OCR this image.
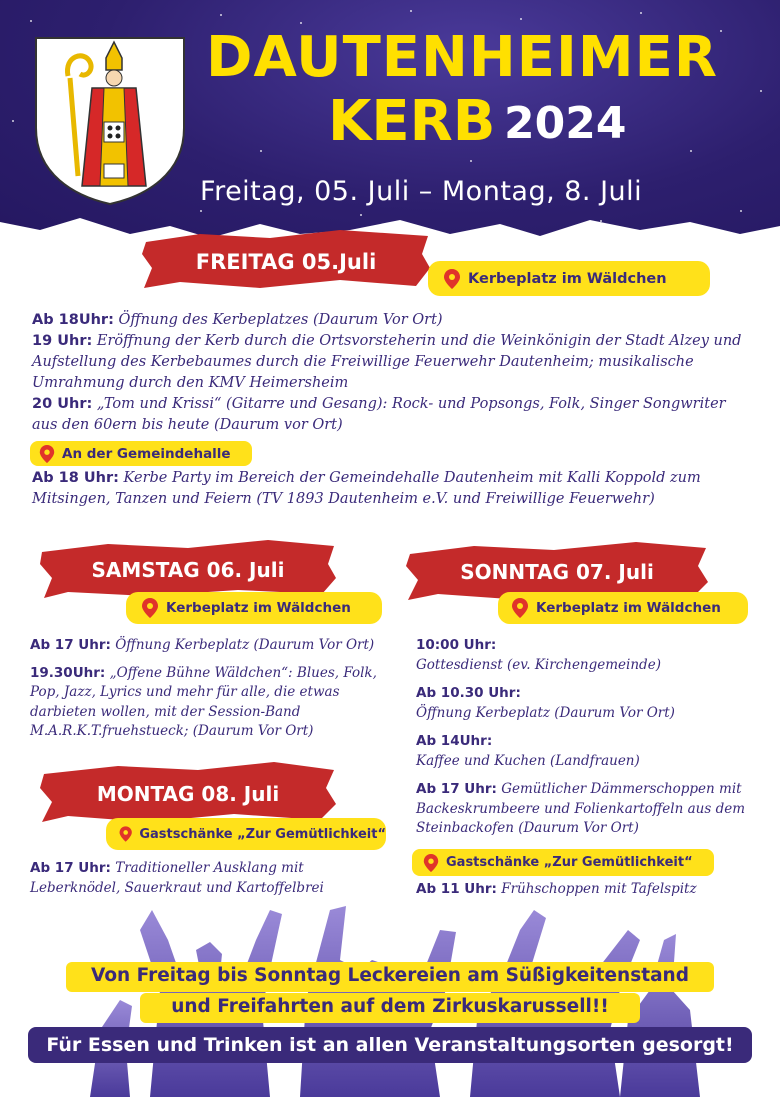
DAUTENHEIMER
KERB 2024
Freitag, 05. Juli – Montag, 8. Juli
FREITAG 05.Juli
Kerbeplatz im Wäldchen
Ab 18Uhr: Öffnung des Kerbeplatzes (Daurum Vor Ort)
19 Uhr: Eröffnung der Kerb durch die Ortsvorsteherin und die Weinkönigin der Stadt Alzey und Aufstellung des Kerbebaumes durch die Freiwillige Feuerwehr Dautenheim; musikalische Umrahmung durch den KMV Heimersheim
20 Uhr: „Tom und Krissi“ (Gitarre und Gesang): Rock- und Popsongs, Folk, Singer Songwriter aus den 60ern bis heute (Daurum vor Ort)
An der Gemeindehalle
Ab 18 Uhr: Kerbe Party im Bereich der Gemeindehalle Dautenheim mit Kalli Koppold zum Mitsingen, Tanzen und Feiern (TV 1893 Dautenheim e.V. und Freiwillige Feuerwehr)
SAMSTAG 06. Juli
Kerbeplatz im Wäldchen
Ab 17 Uhr: Öffnung Kerbeplatz (Daurum Vor Ort)
19.30Uhr: „Offene Bühne Wäldchen“: Blues, Folk, Pop, Jazz, Lyrics und mehr für alle, die etwas darbieten wollen, mit der Session-Band M.A.R.K.T.fruehstueck; (Daurum Vor Ort)
MONTAG 08. Juli
Gastschänke „Zur Gemütlichkeit“
Ab 17 Uhr: Traditioneller Ausklang mit Leberknödel, Sauerkraut und Kartoffelbrei
SONNTAG 07. Juli
Kerbeplatz im Wäldchen
10:00 Uhr:
Gottesdienst (ev. Kirchengemeinde)
Ab 10.30 Uhr:
Öffnung Kerbeplatz (Daurum Vor Ort)
Ab 14Uhr:
Kaffee und Kuchen (Landfrauen)
Ab 17 Uhr: Gemütlicher Dämmerschoppen mit Backeskrumbeere und Folienkartoffeln aus dem Steinbackofen (Daurum Vor Ort)
Gastschänke „Zur Gemütlichkeit“
Ab 11 Uhr: Frühschoppen mit Tafelspitz
Von Freitag bis Sonntag Leckereien am Süßigkeitenstand
und Freifahrten auf dem Zirkuskarussell!!
Für Essen und Trinken ist an allen Veranstaltungsorten gesorgt!
